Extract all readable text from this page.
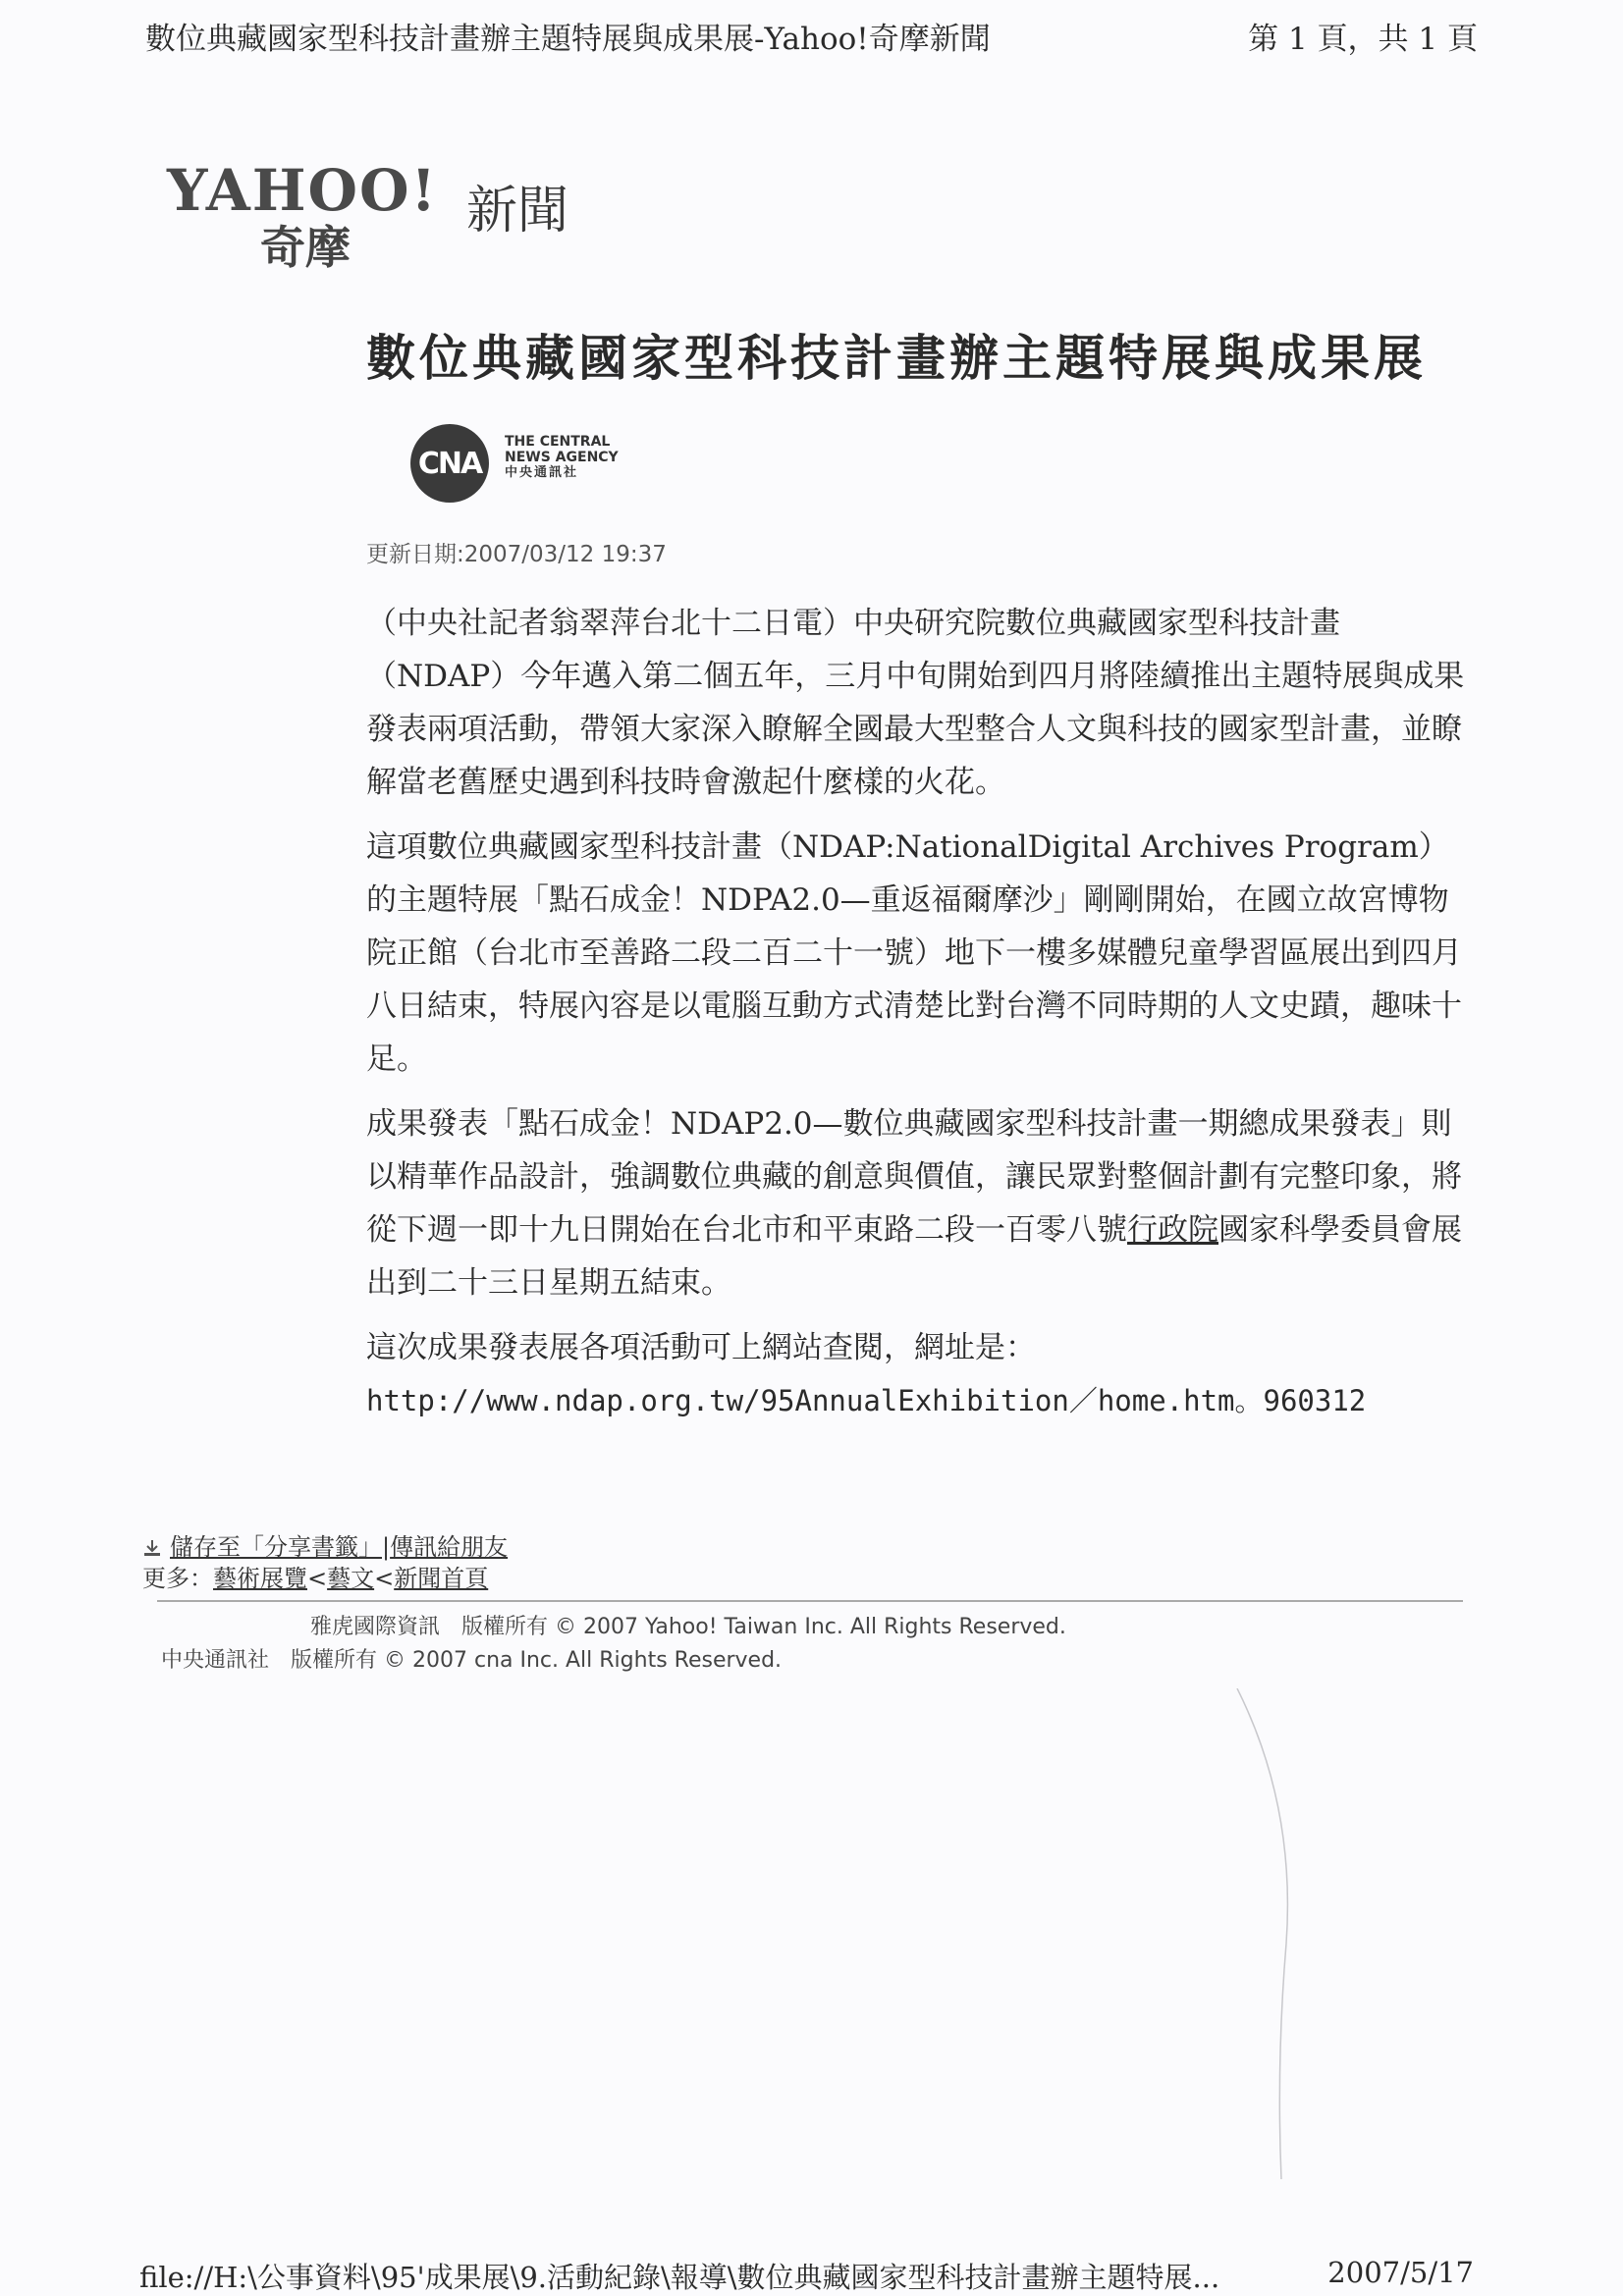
數位典藏國家型科技計畫辦主題特展與成果展-Yahoo!奇摩新聞	第 1 頁，共 1 頁
YAHOO!
奇摩
新聞
數位典藏國家型科技計畫辦主題特展與成果展
CNA
THE CENTRAL
NEWS AGENCY
中央通訊社
更新日期:2007/03/12 19:37

（中央社記者翁翠萍台北十二日電）中央研究院數位典藏國家型科技計畫（NDAP）今年邁入第二個五年，三月中旬開始到四月將陸續推出主題特展與成果發表兩項活動，帶領大家深入瞭解全國最大型整合人文與科技的國家型計畫，並瞭解當老舊歷史遇到科技時會激起什麼樣的火花。

這項數位典藏國家型科技計畫（NDAP:NationalDigital Archives Program）的主題特展「點石成金！NDPA2.0—重返福爾摩沙」剛剛開始，在國立故宮博物院正館（台北市至善路二段二百二十一號）地下一樓多媒體兒童學習區展出到四月八日結束，特展內容是以電腦互動方式清楚比對台灣不同時期的人文史蹟，趣味十足。

成果發表「點石成金！NDAP2.0—數位典藏國家型科技計畫一期總成果發表」則以精華作品設計，強調數位典藏的創意與價值，讓民眾對整個計劃有完整印象，將從下週一即十九日開始在台北市和平東路二段一百零八號行政院國家科學委員會展出到二十三日星期五結束。

這次成果發表展各項活動可上網站查閱，網址是：
http://www.ndap.org.tw/95AnnualExhibition／home.htm。960312

儲存至「分享書籤」|傳訊給朋友
更多：藝術展覽<藝文<新聞首頁
雅虎國際資訊　版權所有 © 2007 Yahoo! Taiwan Inc. All Rights Reserved.
中央通訊社　版權所有 © 2007 cna Inc. All Rights Reserved.
file://H:\公事資料\95'成果展\9.活動紀錄\報導\數位典藏國家型科技計畫辦主題特展...	2007/5/17
